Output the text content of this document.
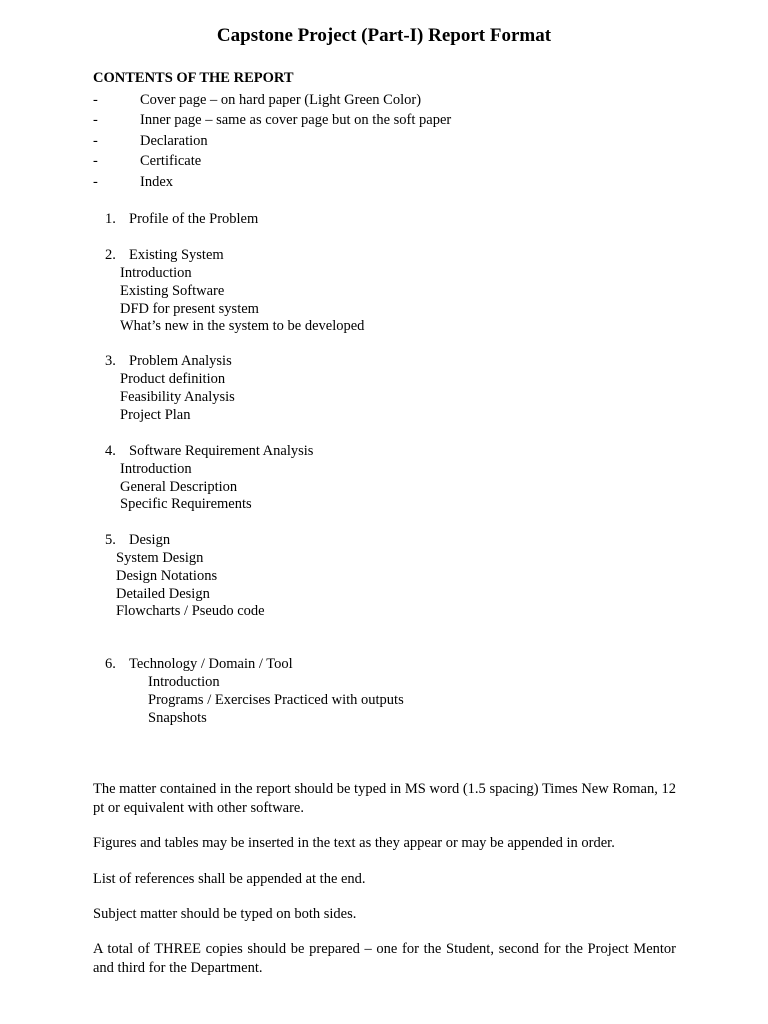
Capstone Project (Part-I) Report Format
CONTENTS OF THE REPORT
-	Cover page – on hard paper (Light Green Color)
-	Inner page – same as cover page but on the soft paper
-	Declaration
-	Certificate
-	Index
1. Profile of the Problem
2. Existing System
Introduction
Existing Software
DFD for present system
What’s new in the system to be developed
3. Problem Analysis
Product definition
Feasibility Analysis
Project Plan
4. Software Requirement Analysis
Introduction
General Description
Specific Requirements
5. Design
System Design
Design Notations
Detailed Design
Flowcharts / Pseudo code
6. Technology / Domain / Tool
Introduction
Programs / Exercises Practiced with outputs
Snapshots
The matter contained in the report should be typed in MS word (1.5 spacing) Times New Roman, 12 pt or equivalent with other software.
Figures and tables may be inserted in the text as they appear or may be appended in order.
List of references shall be appended at the end.
Subject matter should be typed on both sides.
A total of THREE copies should be prepared – one for the Student, second for the Project Mentor and third for the Department.
